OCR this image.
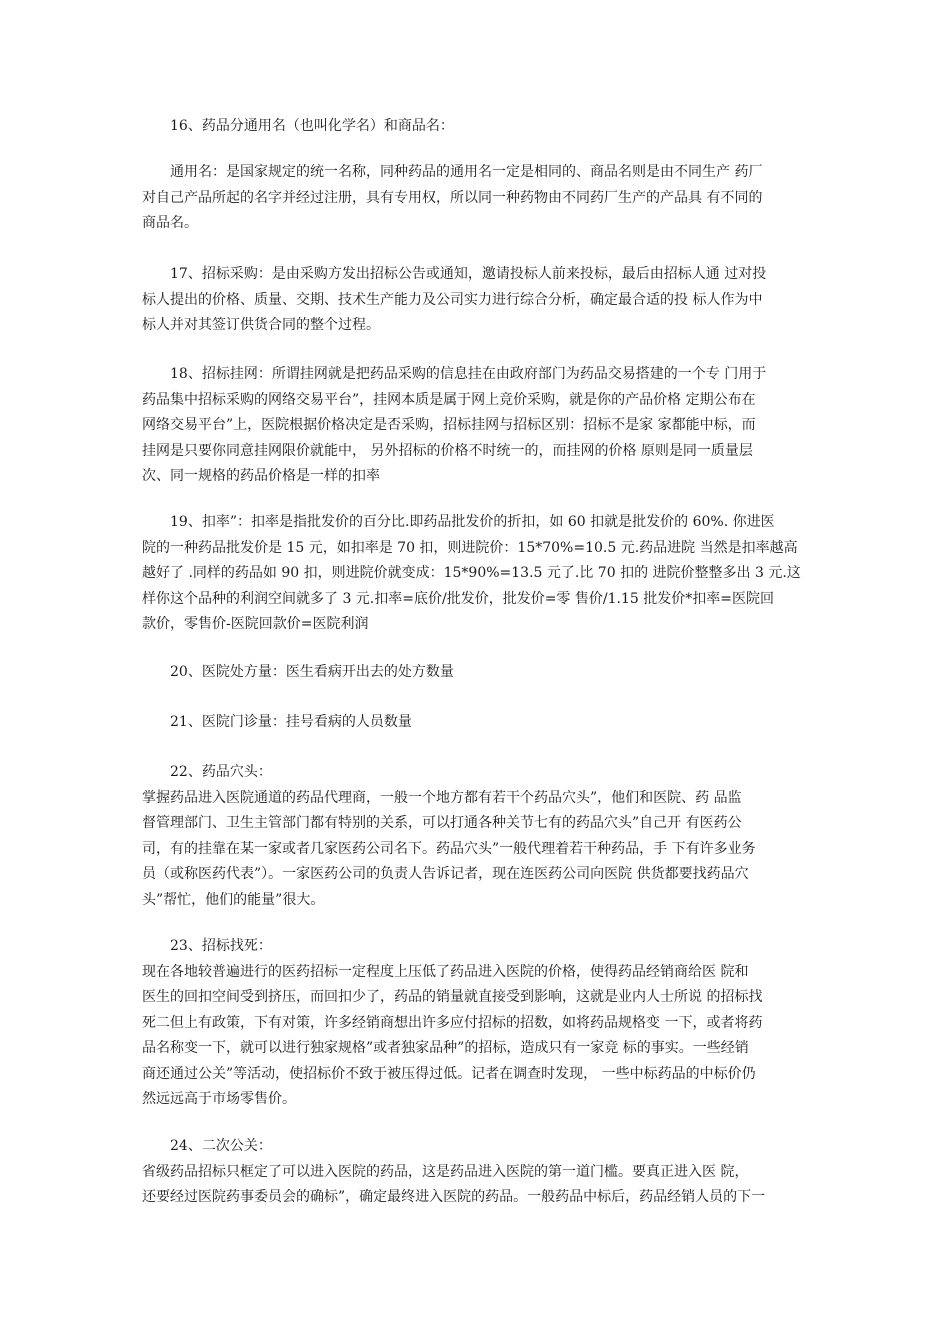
　　16、药品分通用名（也叫化学名）和商品名：
　　通用名：是国家规定的统一名称，同种药品的通用名一定是相同的、商品名则是由不同生产 药厂
对自己产品所起的名字并经过注册，具有专用权，所以同一种药物由不同药厂生产的产品具 有不同的
商品名。
　　17、招标采购：是由采购方发出招标公告或通知，邀请投标人前来投标，最后由招标人通 过对投
标人提出的价格、质量、交期、技术生产能力及公司实力进行综合分析，确定最合适的投 标人作为中
标人并对其签订供货合同的整个过程。
　　18、招标挂网：所谓挂网就是把药品采购的信息挂在由政府部门为药品交易搭建的一个专 门用于
药品集中招标采购的网络交易平台”，挂网本质是属于网上竞价采购，就是你的产品价格 定期公布在
网络交易平台”上，医院根据价格决定是否采购，招标挂网与招标区别：招标不是家 家都能中标，而
挂网是只要你同意挂网限价就能中， 另外招标的价格不时统一的，而挂网的价格 原则是同一质量层
次、同一规格的药品价格是一样的扣率
　　19、扣率”：扣率是指批发价的百分比.即药品批发价的折扣，如 60 扣就是批发价的 60%. 你进医
院的一种药品批发价是 15 元，如扣率是 70 扣，则进院价：15*70%=10.5 元.药品进院 当然是扣率越高
越好了 .同样的药品如 90 扣，则进院价就变成：15*90%=13.5 元了.比 70 扣的 进院价整整多出 3 元.这
样你这个品种的利润空间就多了 3 元.扣率=底价/批发价，批发价=零 售价/1.15 批发价*扣率=医院回
款价，零售价-医院回款价=医院利润
　　20、医院处方量：医生看病开出去的处方数量
　　21、医院门诊量：挂号看病的人员数量
　　22、药品穴头：
掌握药品进入医院通道的药品代理商，一般一个地方都有若干个药品穴头”，他们和医院、药 品监
督管理部门、卫生主管部门都有特别的关系，可以打通各种关节七有的药品穴头”自己开 有医药公
司，有的挂靠在某一家或者几家医药公司名下。药品穴头”一般代理着若干种药品，手 下有许多业务
员（或称医药代表”）。一家医药公司的负责人告诉记者，现在连医药公司向医院 供货都要找药品穴
头”帮忙，他们的能量”很大。
　　23、招标找死：
现在各地较普遍进行的医药招标一定程度上压低了药品进入医院的价格，使得药品经销商给医 院和
医生的回扣空间受到挤压，而回扣少了，药品的销量就直接受到影响，这就是业内人士所说 的招标找
死二但上有政策，下有对策，许多经销商想出许多应付招标的招数，如将药品规格变 一下，或者将药
品名称变一下，就可以进行独家规格”或者独家品种”的招标，造成只有一家竞 标的事实。一些经销
商还通过公关”等活动，使招标价不致于被压得过低。记者在调查时发现， 一些中标药品的中标价仍
然远远高于市场零售价。
　　24、二次公关：
省级药品招标只框定了可以进入医院的药品，这是药品进入医院的第一道门槛。要真正进入医 院，
还要经过医院药事委员会的确标”，确定最终进入医院的药品。一般药品中标后，药品经销人员的下一
